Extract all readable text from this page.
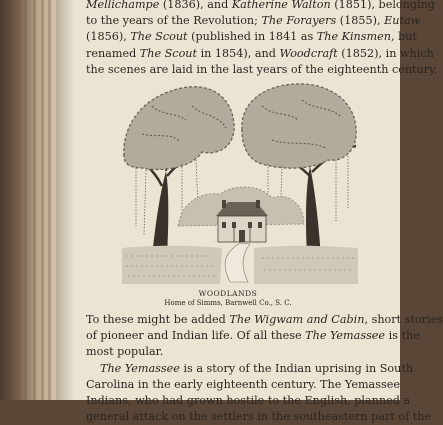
Mellichampe (1836), and Katherine Walton (1851), belonging
to the years of the Revolution; The Forayers (1855), Eutaw
(1856), The Scout (published in 1841 as The Kinsmen, but
renamed The Scout in 1854), and Woodcraft (1852), in which
the scenes are laid in the last years of the eighteenth century.
WOODLANDS
Home of Simms, Barnwell Co., S. C.
To these might be added The Wigwam and Cabin, short stories
of pioneer and Indian life. Of all these The Yemassee is the
most popular.
The Yemassee is a story of the Indian uprising in South
Carolina in the early eighteenth century. The Yemassee
Indians, who had grown hostile to the English, planned a
general attack on the settlers in the southeastern part of the
